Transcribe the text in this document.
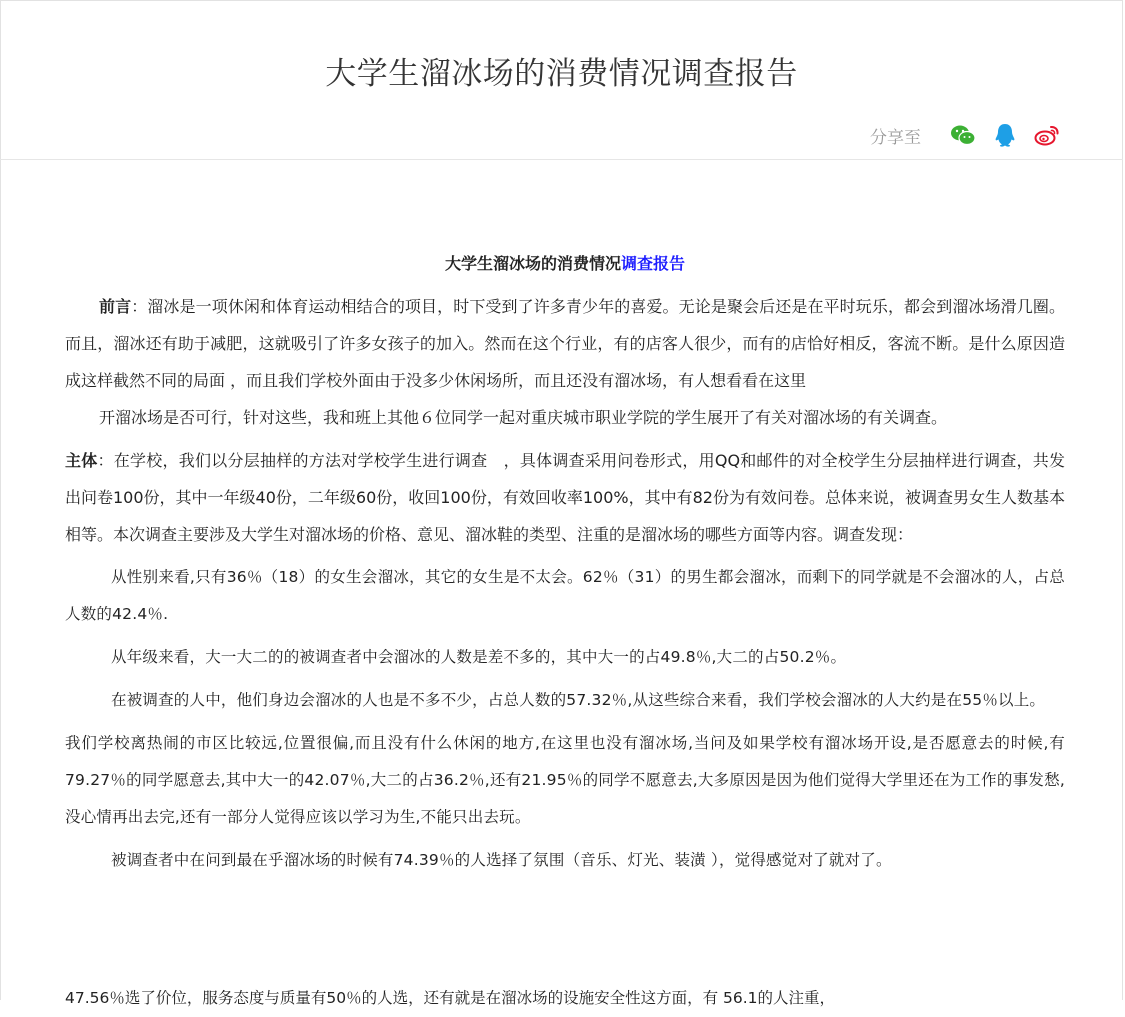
大学生溜冰场的消费情况调查报告
分享至
大学生溜冰场的消费情况调查报告

前言：溜冰是一项休闲和体育运动相结合的项目，时下受到了许多青少年的喜爱。无论是聚会后还是在平时玩乐，都会到溜冰场滑几圈。而且，溜冰还有助于减肥，这就吸引了许多女孩子的加入。然而在这个行业，有的店客人很少，而有的店恰好相反，客流不断。是什么原因造成这样截然不同的局面 ，而且我们学校外面由于没多少休闲场所，而且还没有溜冰场，有人想看看在这里

开溜冰场是否可行，针对这些，我和班上其他６位同学一起对重庆城市职业学院的学生展开了有关对溜冰场的有关调查。

主体：在学校，我们以分层抽样的方法对学校学生进行调查　，具体调查采用问卷形式，用QQ和邮件的对全校学生分层抽样进行调查，共发出问卷100份，其中一年级40份，二年级60份，收回100份，有效回收率100%，其中有82份为有效问卷。总体来说，被调查男女生人数基本相等。本次调查主要涉及大学生对溜冰场的价格、意见、溜冰鞋的类型、注重的是溜冰场的哪些方面等内容。调查发现：

从性别来看,只有36％（18）的女生会溜冰，其它的女生是不太会。62％（31）的男生都会溜冰，而剩下的同学就是不会溜冰的人，占总人数的42.4％.

从年级来看，大一大二的的被调查者中会溜冰的人数是差不多的，其中大一的占49.8％,大二的占50.2％。

在被调查的人中，他们身边会溜冰的人也是不多不少，占总人数的57.32％,从这些综合来看，我们学校会溜冰的人大约是在55％以上。

我们学校离热闹的市区比较远,位置很偏,而且没有什么休闲的地方,在这里也没有溜冰场,当问及如果学校有溜冰场开设,是否愿意去的时候,有79.27％的同学愿意去,其中大一的42.07％,大二的占36.2％,还有21.95％的同学不愿意去,大多原因是因为他们觉得大学里还在为工作的事发愁,没心情再出去完,还有一部分人觉得应该以学习为生,不能只出去玩。

被调查者中在问到最在乎溜冰场的时候有74.39％的人选择了氛围（音乐、灯光、装潢 ），觉得感觉对了就对了。

47.56％选了价位，服务态度与质量有50％的人选，还有就是在溜冰场的设施安全性这方面，有 56.1的人注重，
